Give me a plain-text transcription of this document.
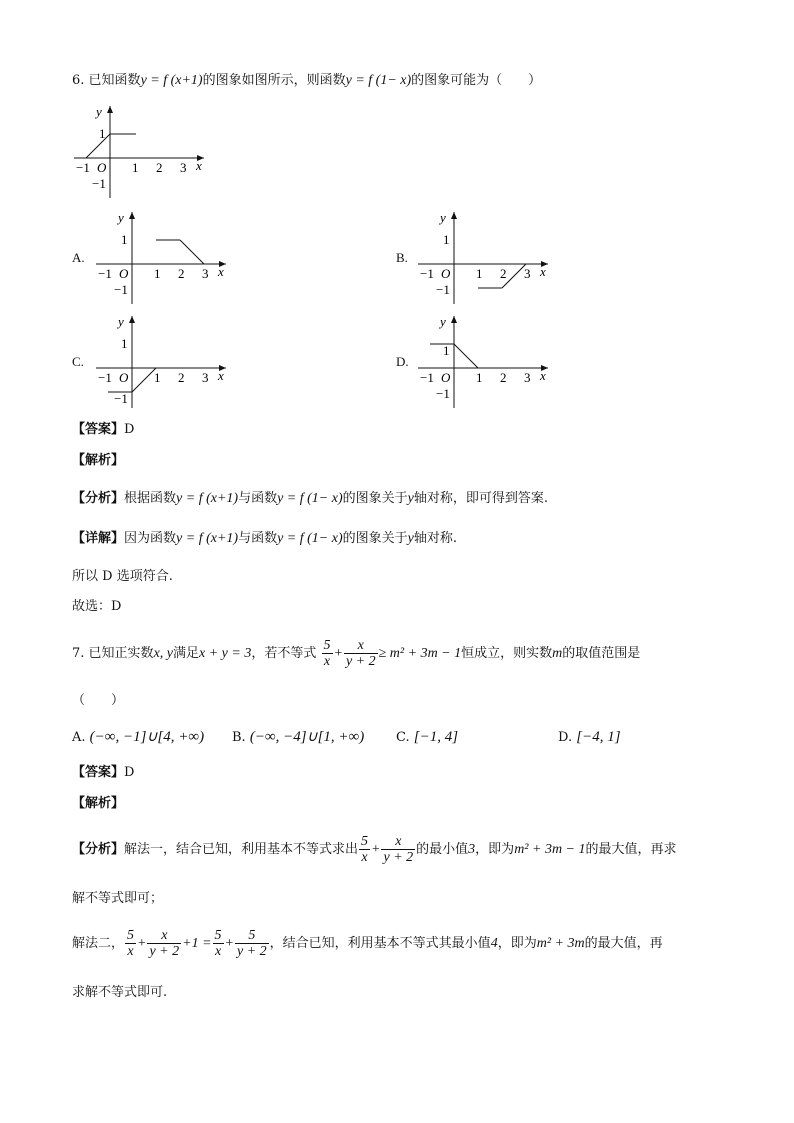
6. 已知函数y = f (x+1)的图象如图所示，则函数y = f (1− x)的图象可能为（　　）
y
1
−1
−1 O 1 2 3 x
A.
y
1
−1
−1 O 1 2 3 x
B.
y
1
−1
−1 O 1 2 3 x
C.
y
1
−1
−1 O 1 2 3 x
D.
y
1
−1
−1 O 1 2 3 x
【答案】D
【解析】
【分析】根据函数y = f (x+1)与函数y = f (1− x)的图象关于y轴对称，即可得到答案.
【详解】因为函数y = f (x+1)与函数y = f (1− x)的图象关于y轴对称.
所以 D 选项符合.
故选：D
7. 已知正实数x, y满足x + y = 3，若不等式 $\frac{5}{x} + \frac{x}{y + 2} \ge m^2 + 3m - 1$恒成立，则实数m的取值范围是
（　　）
A. (−∞, −1]∪[4, +∞) B. (−∞, −4]∪[1, +∞) C. [−1, 4]	D. [−4, 1]
【答案】D
【解析】
【分析】解法一，结合已知，利用基本不等式求出 $\frac{5}{x} + \frac{x}{y + 2}$ 的最小值3，即为m² + 3m − 1的最大值，再求
解不等式即可；
解法二， $\frac{5}{x} + \frac{x}{y + 2} +1 = \frac{5}{x} + \frac{5}{y + 2}$ ，结合已知，利用基本不等式其最小值4，即为m² + 3m的最大值，再
求解不等式即可.
